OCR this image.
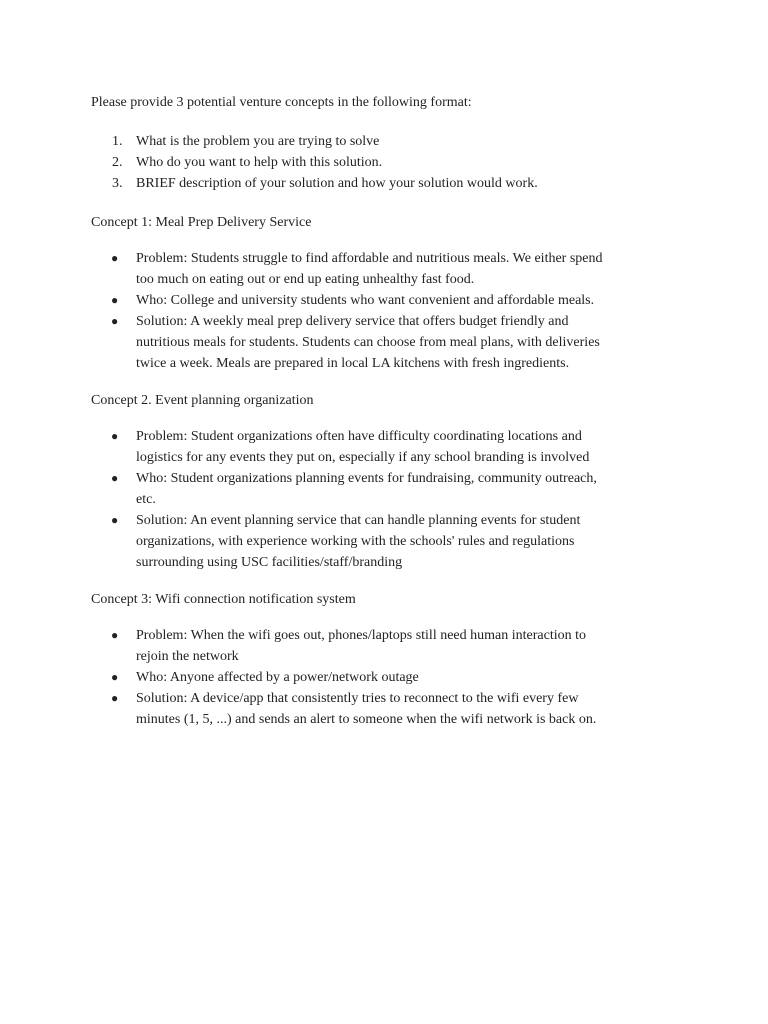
Please provide 3 potential venture concepts in the following format:

1. What is the problem you are trying to solve
2. Who do you want to help with this solution.
3. BRIEF description of your solution and how your solution would work.

Concept 1: Meal Prep Delivery Service

● Problem: Students struggle to find affordable and nutritious meals. We either spend
too much on eating out or end up eating unhealthy fast food.
● Who: College and university students who want convenient and affordable meals.
● Solution: A weekly meal prep delivery service that offers budget friendly and
nutritious meals for students. Students can choose from meal plans, with deliveries
twice a week. Meals are prepared in local LA kitchens with fresh ingredients.

Concept 2. Event planning organization

● Problem: Student organizations often have difficulty coordinating locations and
logistics for any events they put on, especially if any school branding is involved
● Who: Student organizations planning events for fundraising, community outreach,
etc.
● Solution: An event planning service that can handle planning events for student
organizations, with experience working with the schools' rules and regulations
surrounding using USC facilities/staff/branding

Concept 3: Wifi connection notification system

● Problem: When the wifi goes out, phones/laptops still need human interaction to
rejoin the network
● Who: Anyone affected by a power/network outage
● Solution: A device/app that consistently tries to reconnect to the wifi every few
minutes (1, 5, ...) and sends an alert to someone when the wifi network is back on.
